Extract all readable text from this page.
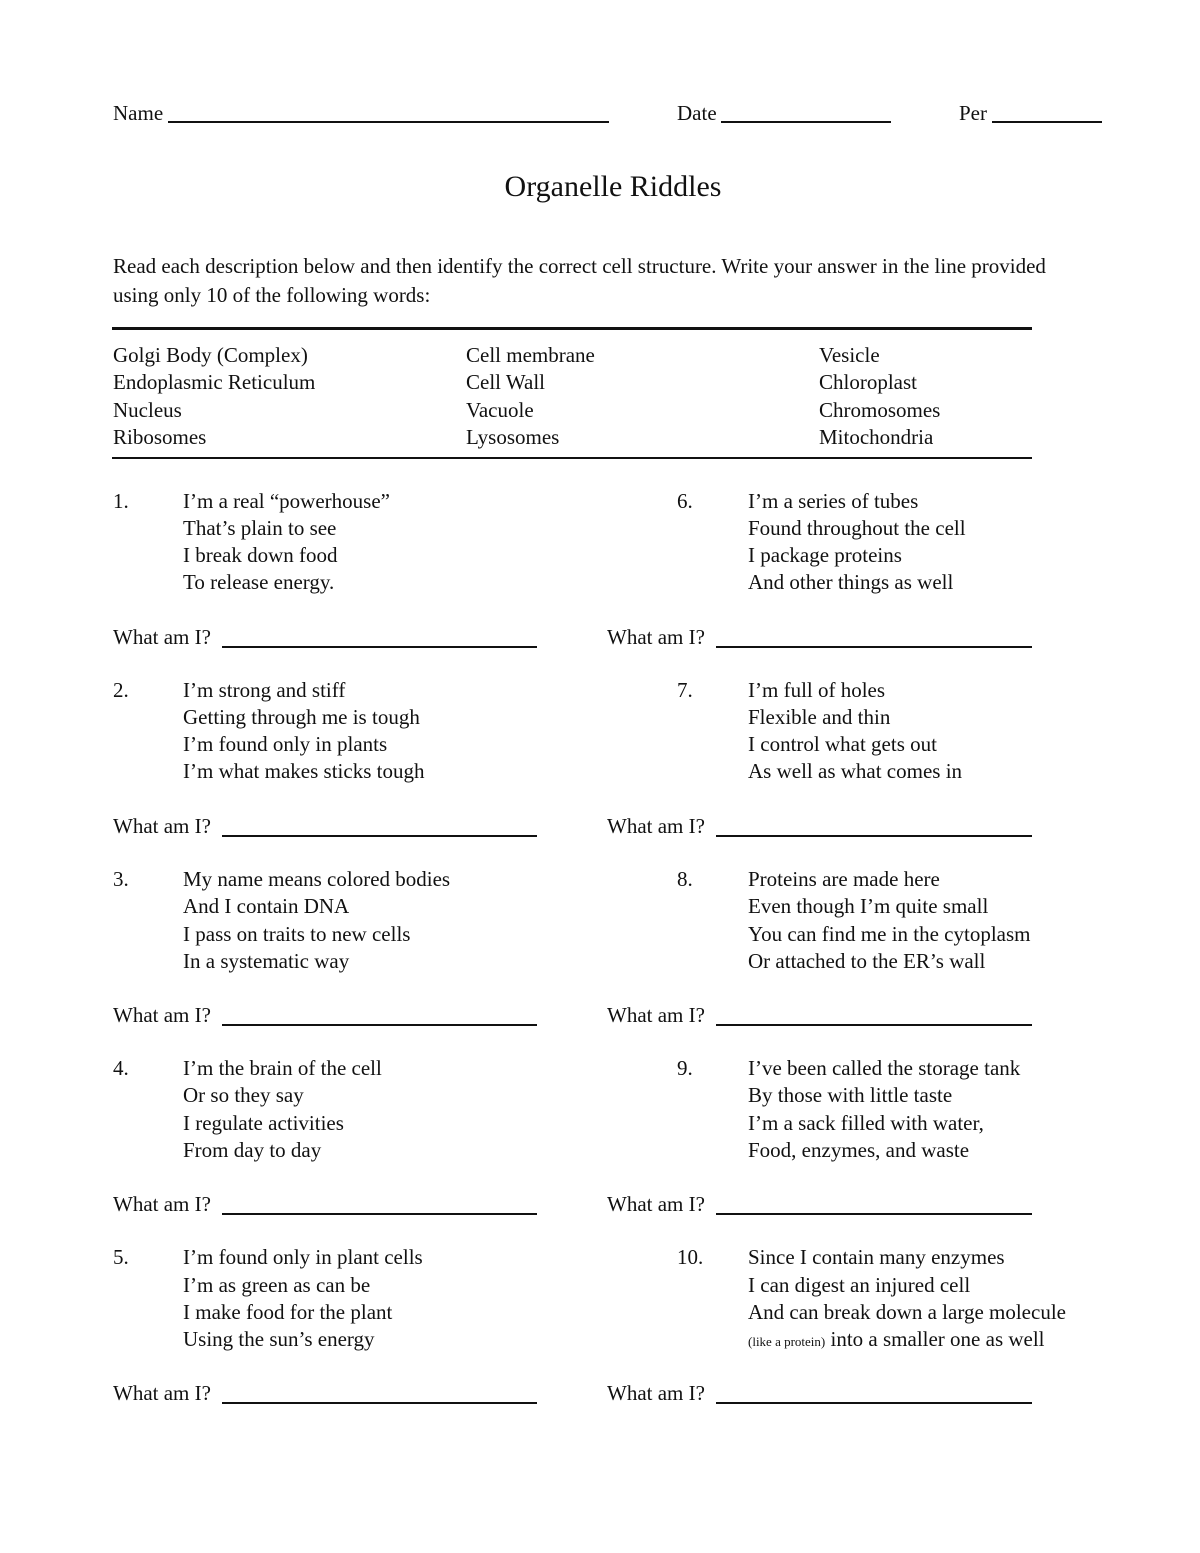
Name	Date	Per
Organelle Riddles
Read each description below and then identify the correct cell structure. Write your answer in the line provided using only 10 of the following words:
Golgi Body (Complex)	Cell membrane	Vesicle
Endoplasmic Reticulum	Cell Wall	Chloroplast
Nucleus	Vacuole	Chromosomes
Ribosomes	Lysosomes	Mitochondria
1.	I’m a real “powerhouse”
That’s plain to see
I break down food
To release energy.
What am I?
2.	I’m strong and stiff
Getting through me is tough
I’m found only in plants
I’m what makes sticks tough
What am I?
3.	My name means colored bodies
And I contain DNA
I pass on traits to new cells
In a systematic way
What am I?
4.	I’m the brain of the cell
Or so they say
I regulate activities
From day to day
What am I?
5.	I’m found only in plant cells
I’m as green as can be
I make food for the plant
Using the sun’s energy
What am I?
6.	I’m a series of tubes
Found throughout the cell
I package proteins
And other things as well
What am I?
7.	I’m full of holes
Flexible and thin
I control what gets out
As well as what comes in
What am I?
8.	Proteins are made here
Even though I’m quite small
You can find me in the cytoplasm
Or attached to the ER’s wall
What am I?
9.	I’ve been called the storage tank
By those with little taste
I’m a sack filled with water,
Food, enzymes, and waste
What am I?
10. Since I contain many enzymes
I can digest an injured cell
And can break down a large molecule
(like a protein) into a smaller one as well
What am I?
